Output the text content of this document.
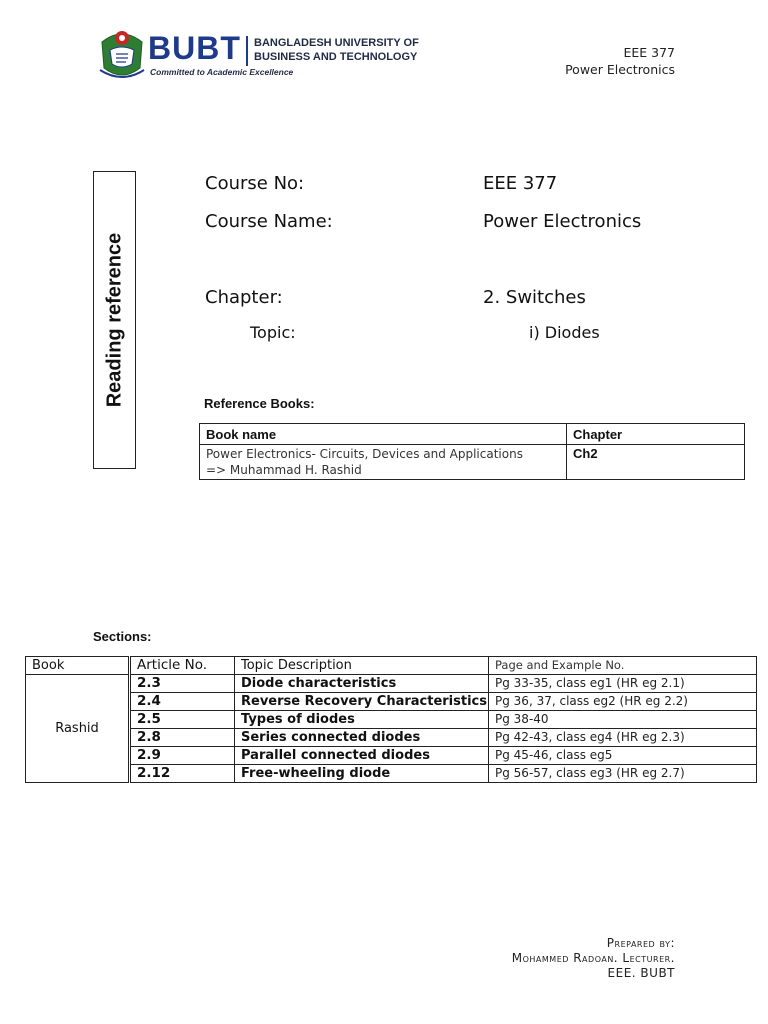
BUBT BANGLADESH UNIVERSITY OF
BUSINESS AND TECHNOLOGY
Committed to Academic Excellence
EEE 377
Power Electronics
Reading reference
Course No:	EEE 377
Course Name:	Power Electronics
Chapter:	2. Switches
Topic:	i) Diodes
Reference Books:
Book name	Chapter

Power Electronics- Circuits, Devices and Applications
=> Muhammad H. Rashid	Ch2
Sections:
Book	Article No.	Topic Description	Page and Example No.
Rashid	2.3	Diode characteristics	Pg 33-35, class eg1 (HR eg 2.1)
	2.4	Reverse Recovery Characteristics	Pg 36, 37, class eg2 (HR eg 2.2)
	2.5	Types of diodes	Pg 38-40
	2.8	Series connected diodes	Pg 42-43, class eg4 (HR eg 2.3)
	2.9	Parallel connected diodes	Pg 45-46, class eg5
	2.12	Free-wheeling diode	Pg 56-57, class eg3 (HR eg 2.7)
Prepared by:
Mohammed Radoan. Lecturer.
EEE. BUBT
